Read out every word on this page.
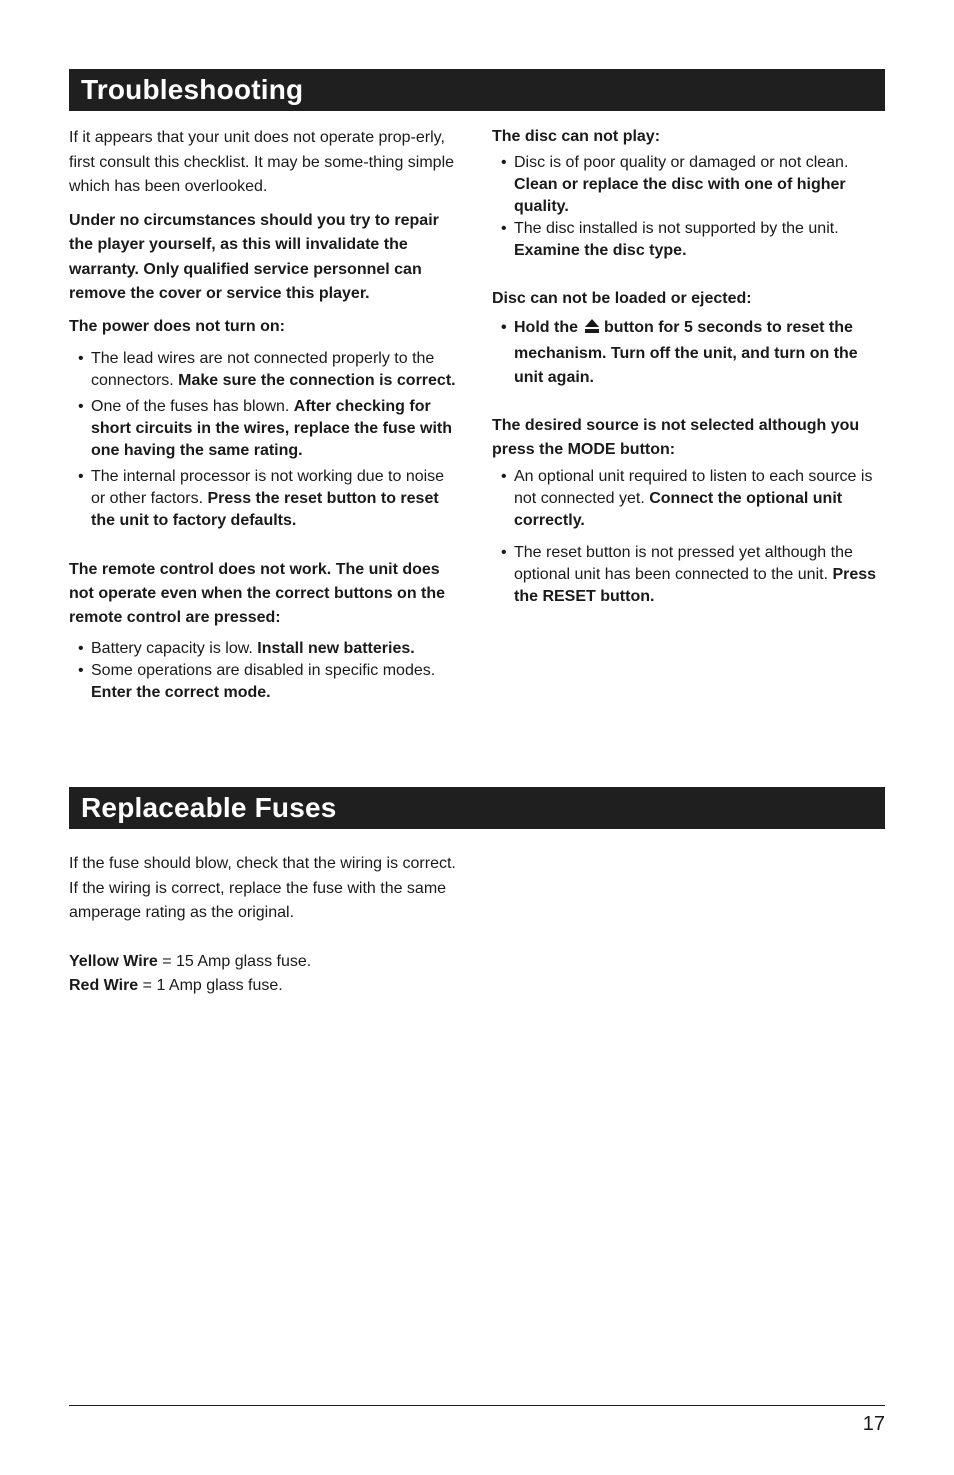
Troubleshooting

If it appears that your unit does not operate prop-erly, first consult this checklist. It may be some-thing simple which has been overlooked.

Under no circumstances should you try to repair the player yourself, as this will invalidate the warranty. Only qualified service personnel can remove the cover or service this player.

The power does not turn on:

• The lead wires are not connected properly to the connectors. Make sure the connection is correct.
• One of the fuses has blown. After checking for short circuits in the wires, replace the fuse with one having the same rating.
• The internal processor is not working due to noise or other factors. Press the reset button to reset the unit to factory defaults.

The remote control does not work. The unit does not operate even when the correct buttons on the remote control are pressed:

• Battery capacity is low. Install new batteries.
• Some operations are disabled in specific modes. Enter the correct mode.

The disc can not play:

• Disc is of poor quality or damaged or not clean. Clean or replace the disc with one of higher quality.
• The disc installed is not supported by the unit. Examine the disc type.

Disc can not be loaded or ejected:

• Hold the button for 5 seconds to reset the mechanism. Turn off the unit, and turn on the unit again.

The desired source is not selected although you press the MODE button:

• An optional unit required to listen to each source is not connected yet. Connect the optional unit correctly.
• The reset button is not pressed yet although the optional unit has been connected to the unit. Press the RESET button.
Replaceable Fuses

If the fuse should blow, check that the wiring is correct. If the wiring is correct, replace the fuse with the same amperage rating as the original.

Yellow Wire = 15 Amp glass fuse.

Red Wire = 1 Amp glass fuse.

17
